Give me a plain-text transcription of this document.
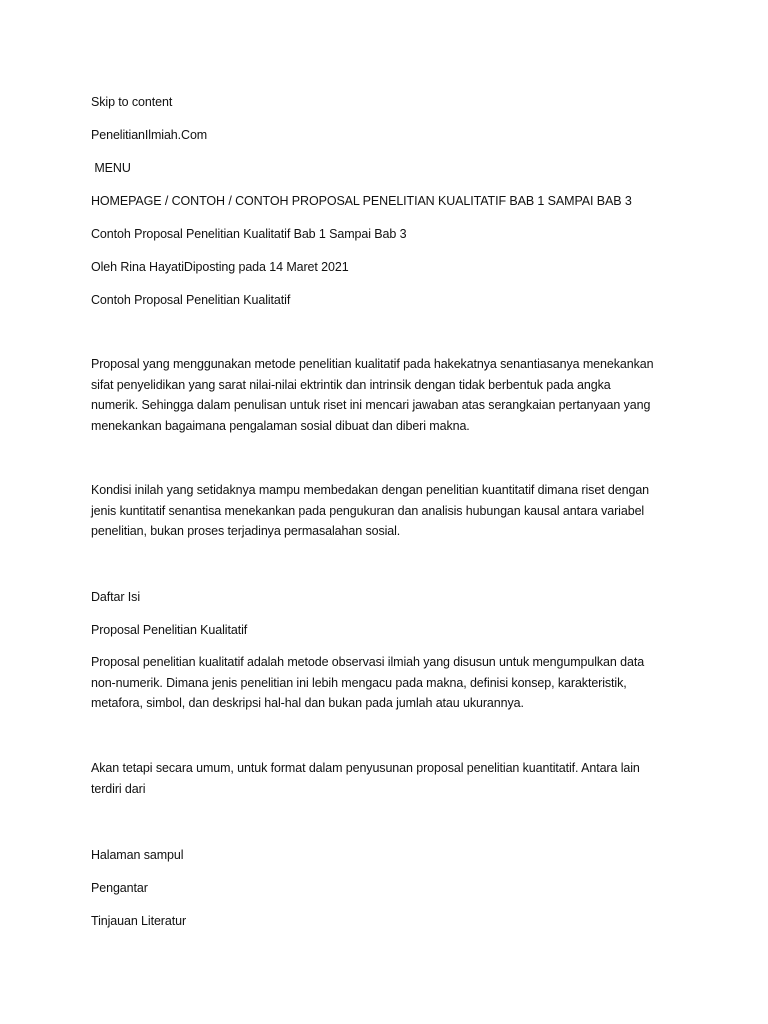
Skip to content
PenelitianIlmiah.Com
MENU
HOMEPAGE / CONTOH / CONTOH PROPOSAL PENELITIAN KUALITATIF BAB 1 SAMPAI BAB 3
Contoh Proposal Penelitian Kualitatif Bab 1 Sampai Bab 3
Oleh Rina HayatiDiposting pada 14 Maret 2021
Contoh Proposal Penelitian Kualitatif
Proposal yang menggunakan metode penelitian kualitatif pada hakekatnya senantiasanya menekankan
sifat penyelidikan yang sarat nilai-nilai ektrintik dan intrinsik dengan tidak berbentuk pada angka
numerik. Sehingga dalam penulisan untuk riset ini mencari jawaban atas serangkaian pertanyaan yang
menekankan bagaimana pengalaman sosial dibuat dan diberi makna.
Kondisi inilah yang setidaknya mampu membedakan dengan penelitian kuantitatif dimana riset dengan
jenis kuntitatif senantisa menekankan pada pengukuran dan analisis hubungan kausal antara variabel
penelitian, bukan proses terjadinya permasalahan sosial.
Daftar Isi
Proposal Penelitian Kualitatif
Proposal penelitian kualitatif adalah metode observasi ilmiah yang disusun untuk mengumpulkan data
non-numerik. Dimana jenis penelitian ini lebih mengacu pada makna, definisi konsep, karakteristik,
metafora, simbol, dan deskripsi hal-hal dan bukan pada jumlah atau ukurannya.
Akan tetapi secara umum, untuk format dalam penyusunan proposal penelitian kuantitatif. Antara lain
terdiri dari
Halaman sampul
Pengantar
Tinjauan Literatur
